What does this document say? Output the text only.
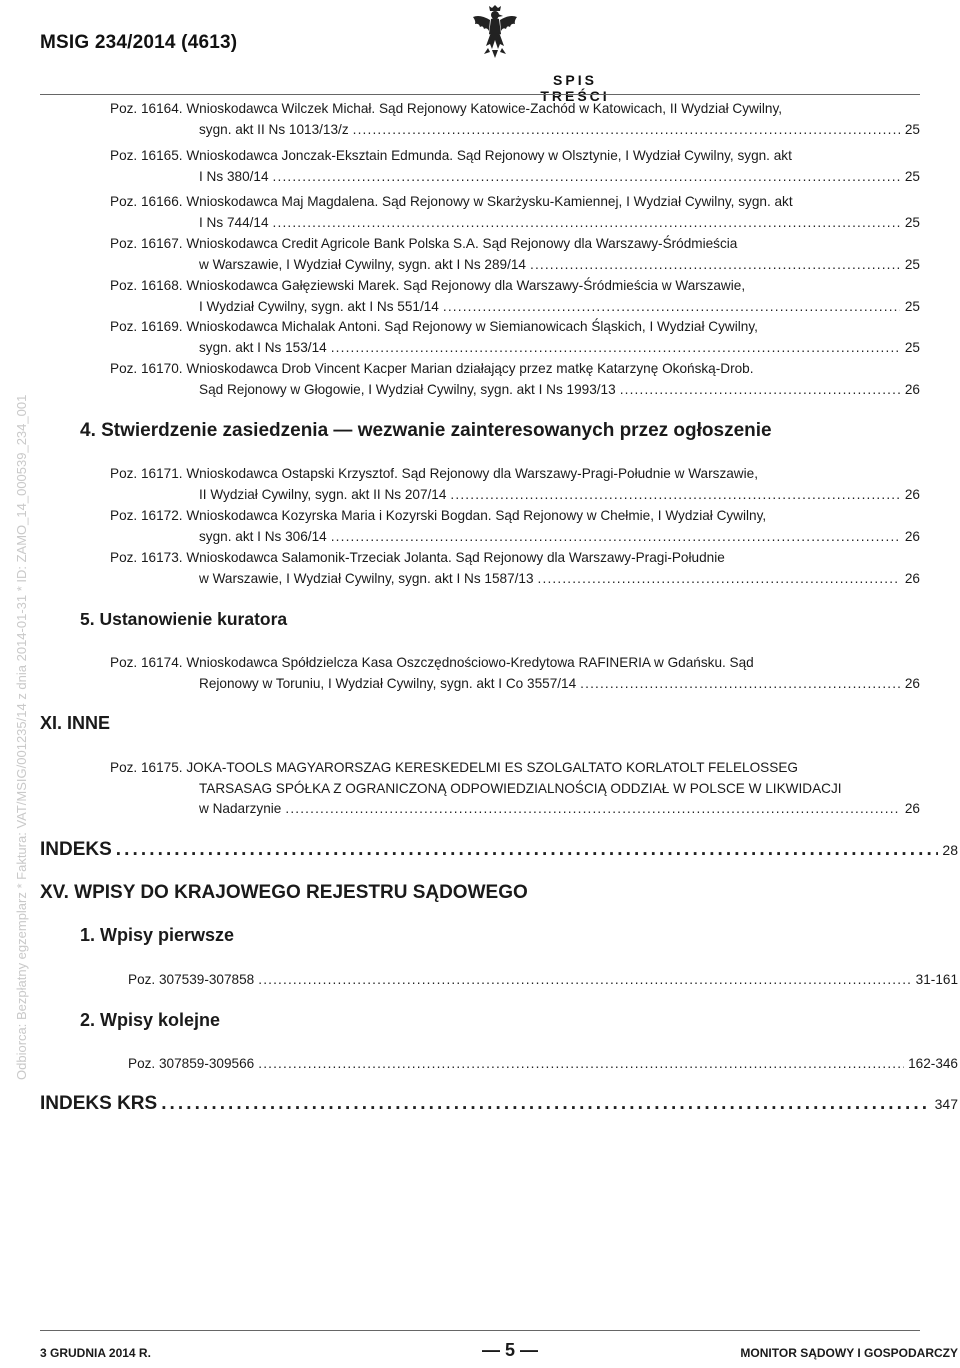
MSIG 234/2014 (4613)
SPIS TREŚCI
Odbiorca: Bezpłatny egzemplarz * Faktura: VAT/MSIG/001235/14 z dnia 2014-01-31 * ID: ZAMO_14_000539_234_001
Poz. 16164. Wnioskodawca Wilczek Michał. Sąd Rejonowy Katowice-Zachód w Katowicach, II Wydział Cywilny,
sygn. akt II Ns 1013/13/z . . .	25
Poz. 16165. Wnioskodawca Jonczak-Eksztain Edmunda. Sąd Rejonowy w Olsztynie, I Wydział Cywilny, sygn. akt
I Ns 380/14 . . .	25
Poz. 16166. Wnioskodawca Maj Magdalena. Sąd Rejonowy w Skarżysku-Kamiennej, I Wydział Cywilny, sygn. akt
I Ns 744/14 . . .	25
Poz. 16167. Wnioskodawca Credit Agricole Bank Polska S.A. Sąd Rejonowy dla Warszawy-Śródmieścia
w Warszawie, I Wydział Cywilny, sygn. akt I Ns 289/14 . . .	25
Poz. 16168. Wnioskodawca Gałęziewski Marek. Sąd Rejonowy dla Warszawy-Śródmieścia w Warszawie,
I Wydział Cywilny, sygn. akt I Ns 551/14 . . .	25
Poz. 16169. Wnioskodawca Michalak Antoni. Sąd Rejonowy w Siemianowicach Śląskich, I Wydział Cywilny,
sygn. akt I Ns 153/14 . . .	25
Poz. 16170. Wnioskodawca Drob Vincent Kacper Marian działający przez matkę Katarzynę Okońską-Drob.
Sąd Rejonowy w Głogowie, I Wydział Cywilny, sygn. akt I Ns 1993/13 . . .	26
4. Stwierdzenie zasiedzenia — wezwanie zainteresowanych przez ogłoszenie
Poz. 16171. Wnioskodawca Ostapski Krzysztof. Sąd Rejonowy dla Warszawy-Pragi-Południe w Warszawie,
II Wydział Cywilny, sygn. akt II Ns 207/14 . . .	26
Poz. 16172. Wnioskodawca Kozyrska Maria i Kozyrski Bogdan. Sąd Rejonowy w Chełmie, I Wydział Cywilny,
sygn. akt I Ns 306/14 . . .	26
Poz. 16173. Wnioskodawca Salamonik-Trzeciak Jolanta. Sąd Rejonowy dla Warszawy-Pragi-Południe
w Warszawie, I Wydział Cywilny, sygn. akt I Ns 1587/13 . . .	26
5. Ustanowienie kuratora
Poz. 16174. Wnioskodawca Spółdzielcza Kasa Oszczędnościowo-Kredytowa RAFINERIA w Gdańsku. Sąd
Rejonowy w Toruniu, I Wydział Cywilny, sygn. akt I Co 3557/14 . . .	26
XI. INNE
Poz. 16175. JOKA-TOOLS MAGYARORSZAG KERESKEDELMI ES SZOLGALTATO KORLATOLT FELELOSSEG
TARSASAG SPÓŁKA Z OGRANICZONĄ ODPOWIEDZIALNOŚCIĄ ODDZIAŁ W POLSCE W LIKWIDACJI
w Nadarzynie . . .	26
INDEKS . . .	28
XV. WPISY DO KRAJOWEGO REJESTRU SĄDOWEGO
1. Wpisy pierwsze
Poz. 307539-307858 . . .	31-161
2. Wpisy kolejne
Poz. 307859-309566 . . .	162-346
INDEKS KRS . . .	347
3 GRUDNIA 2014 R.	— 5 —	MONITOR SĄDOWY I GOSPODARCZY
